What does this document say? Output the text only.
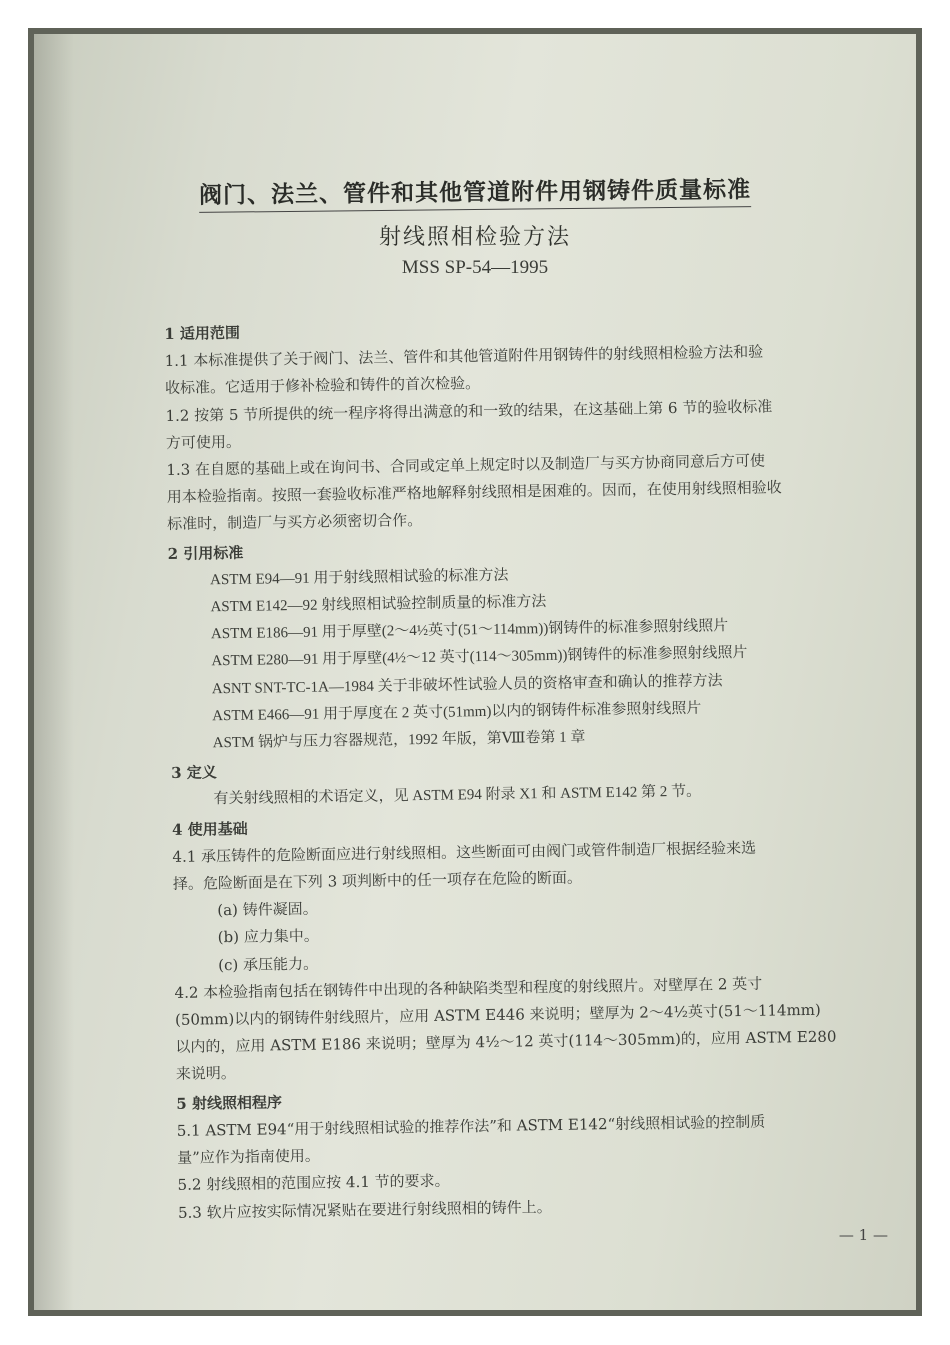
阀门、法兰、管件和其他管道附件用钢铸件质量标准
射线照相检验方法
MSS SP-54—1995
1 适用范围
1.1 本标准提供了关于阀门、法兰、管件和其他管道附件用钢铸件的射线照相检验方法和验
收标准。它适用于修补检验和铸件的首次检验。
1.2 按第 5 节所提供的统一程序将得出满意的和一致的结果，在这基础上第 6 节的验收标准
方可使用。
1.3 在自愿的基础上或在询问书、合同或定单上规定时以及制造厂与买方协商同意后方可使
用本检验指南。按照一套验收标准严格地解释射线照相是困难的。因而，在使用射线照相验收
标准时，制造厂与买方必须密切合作。
2 引用标准
ASTM E94—91 用于射线照相试验的标准方法
ASTM E142—92 射线照相试验控制质量的标准方法
ASTM E186—91 用于厚壁(2～4½英寸(51～114mm))钢铸件的标准参照射线照片
ASTM E280—91 用于厚壁(4½～12 英寸(114～305mm))钢铸件的标准参照射线照片
ASNT SNT-TC-1A—1984 关于非破坏性试验人员的资格审查和确认的推荐方法
ASTM E466—91 用于厚度在 2 英寸(51mm)以内的钢铸件标准参照射线照片
ASTM 锅炉与压力容器规范，1992 年版，第Ⅷ卷第 1 章
3 定义
有关射线照相的术语定义，见 ASTM E94 附录 X1 和 ASTM E142 第 2 节。
4 使用基础
4.1 承压铸件的危险断面应进行射线照相。这些断面可由阀门或管件制造厂根据经验来选
择。危险断面是在下列 3 项判断中的任一项存在危险的断面。
(a) 铸件凝固。
(b) 应力集中。
(c) 承压能力。
4.2 本检验指南包括在钢铸件中出现的各种缺陷类型和程度的射线照片。对壁厚在 2 英寸
(50mm)以内的钢铸件射线照片，应用 ASTM E446 来说明；壁厚为 2～4½英寸(51～114mm)
以内的，应用 ASTM E186 来说明；壁厚为 4½～12 英寸(114～305mm)的，应用 ASTM E280
来说明。
5 射线照相程序
5.1 ASTM E94“用于射线照相试验的推荐作法”和 ASTM E142“射线照相试验的控制质
量”应作为指南使用。
5.2 射线照相的范围应按 4.1 节的要求。
5.3 软片应按实际情况紧贴在要进行射线照相的铸件上。
— 1 —
